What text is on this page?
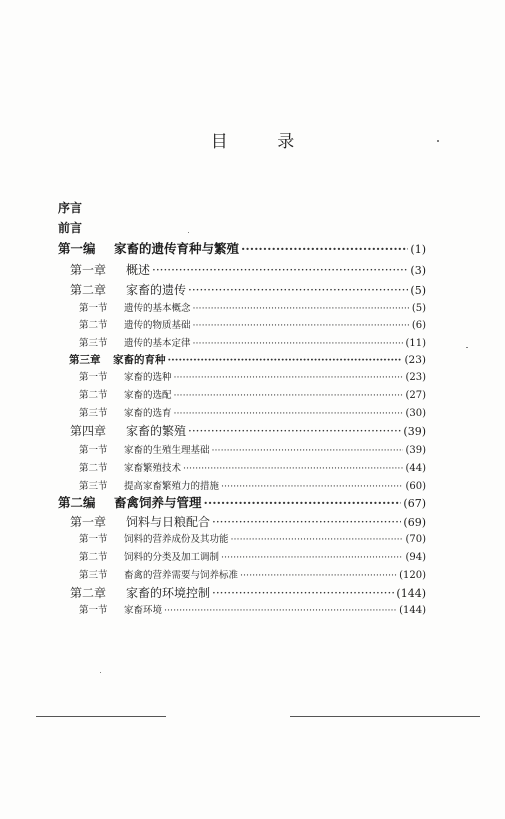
目 录
序言
前言
第一编	家畜的遗传育种与繁殖 ·····	(1)
第一章	概述 ·····	(3)
第二章	家畜的遗传 ·····	(5)
第一节	遗传的基本概念 ·····	(5)
第二节	遗传的物质基础 ·····	(6)
第三节	遗传的基本定律 ·····	(11)
第三章	家畜的育种 ·····	(23)
第一节	家畜的选种 ·····	(23)
第二节	家畜的选配 ·····	(27)
第三节	家畜的选育 ·····	(30)
第四章	家畜的繁殖 ·····	(39)
第一节	家畜的生殖生理基础 ·····	(39)
第二节	家畜繁殖技术 ·····	(44)
第三节	提高家畜繁殖力的措施 ·····	(60)
第二编	畜禽饲养与管理 ·····	(67)
第一章	饲料与日粮配合 ·····	(69)
第一节	饲料的营养成份及其功能 ·····	(70)
第二节	饲料的分类及加工调制 ·····	(94)
第三节	畜禽的营养需要与饲养标准 ·····	(120)
第二章	家畜的环境控制 ·····	(144)
第一节	家畜环境 ·····	(144)
